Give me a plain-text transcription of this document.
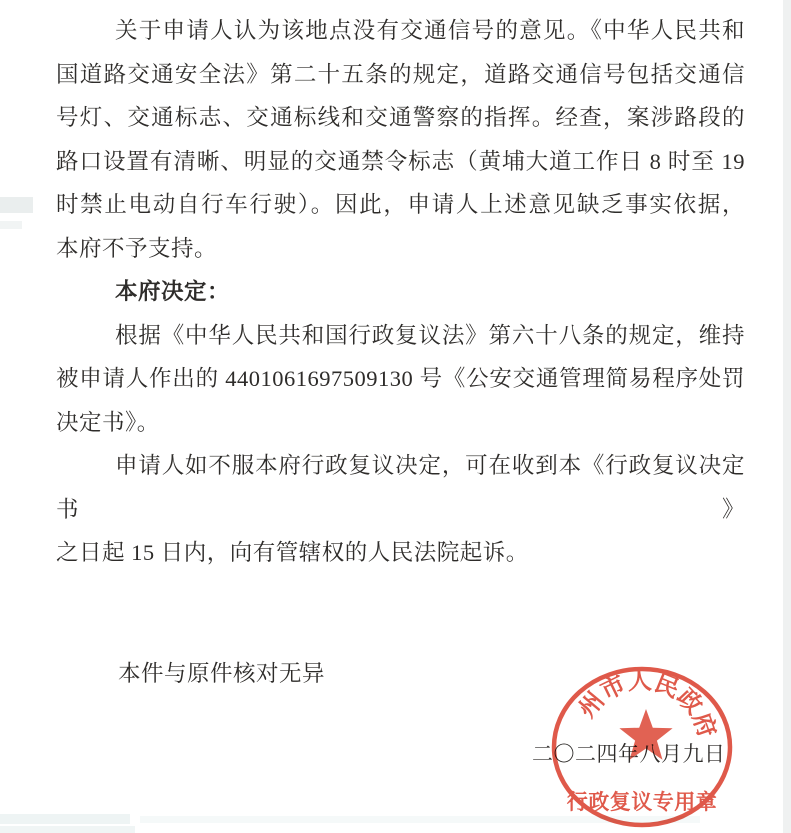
关于申请人认为该地点没有交通信号的意见。《中华人民共和
国道路交通安全法》第二十五条的规定，道路交通信号包括交通信
号灯、交通标志、交通标线和交通警察的指挥。经查，案涉路段的
路口设置有清晰、明显的交通禁令标志（黄埔大道工作日 8 时至 19
时禁止电动自行车行驶）。因此，申请人上述意见缺乏事实依据，
本府不予支持。
本府决定：
根据《中华人民共和国行政复议法》第六十八条的规定，维持
被申请人作出的 4401061697509130 号《公安交通管理简易程序处罚
决定书》。
申请人如不服本府行政复议决定，可在收到本《行政复议决定书》
之日起 15 日内，向有管辖权的人民法院起诉。
本件与原件核对无异
二〇二四年八月九日
州市人民政府
行政复议专用章
